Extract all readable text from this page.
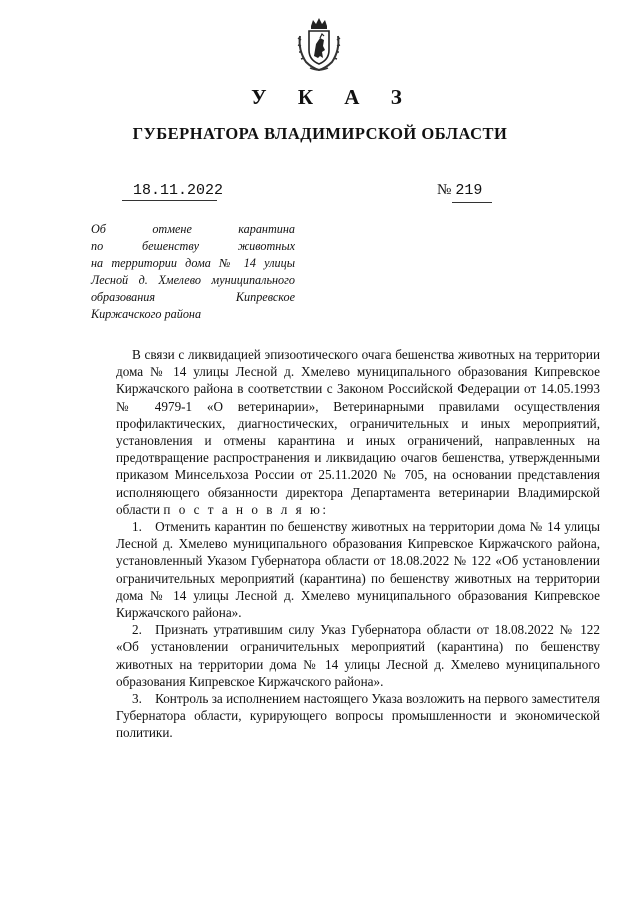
У К А З
ГУБЕРНАТОРА ВЛАДИМИРСКОЙ ОБЛАСТИ
18.11.2022	№ 219
Об отмене карантина
по бешенству животных
на территории дома № 14 улицы
Лесной д. Хмелево муниципального
образования Кипревское
Киржачского района

В связи с ликвидацией эпизоотического очага бешенства животных на территории дома № 14 улицы Лесной д. Хмелево муниципального образования Кипревское Киржачского района в соответствии с Законом Российской Федерации от 14.05.1993 № 4979-1 «О ветеринарии», Ветеринарными правилами осуществления профилактических, диагностических, ограничительных и иных мероприятий, установления и отмены карантина и иных ограничений, направленных на предотвращение распространения и ликвидацию очагов бешенства, утвержденными приказом Минсельхоза России от 25.11.2020 № 705, на основании представления исполняющего обязанности директора Департамента ветеринарии Владимирской области п о с т а н о в л я ю:

1. Отменить карантин по бешенству животных на территории дома № 14 улицы Лесной д. Хмелево муниципального образования Кипревское Киржачского района, установленный Указом Губернатора области от 18.08.2022 № 122 «Об установлении ограничительных мероприятий (карантина) по бешенству животных на территории дома № 14 улицы Лесной д. Хмелево муниципального образования Кипревское Киржачского района».

2. Признать утратившим силу Указ Губернатора области от 18.08.2022 № 122 «Об установлении ограничительных мероприятий (карантина) по бешенству животных на территории дома № 14 улицы Лесной д. Хмелево муниципального образования Кипревское Киржачского района».

3. Контроль за исполнением настоящего Указа возложить на первого заместителя Губернатора области, курирующего вопросы промышленности и экономической политики.
